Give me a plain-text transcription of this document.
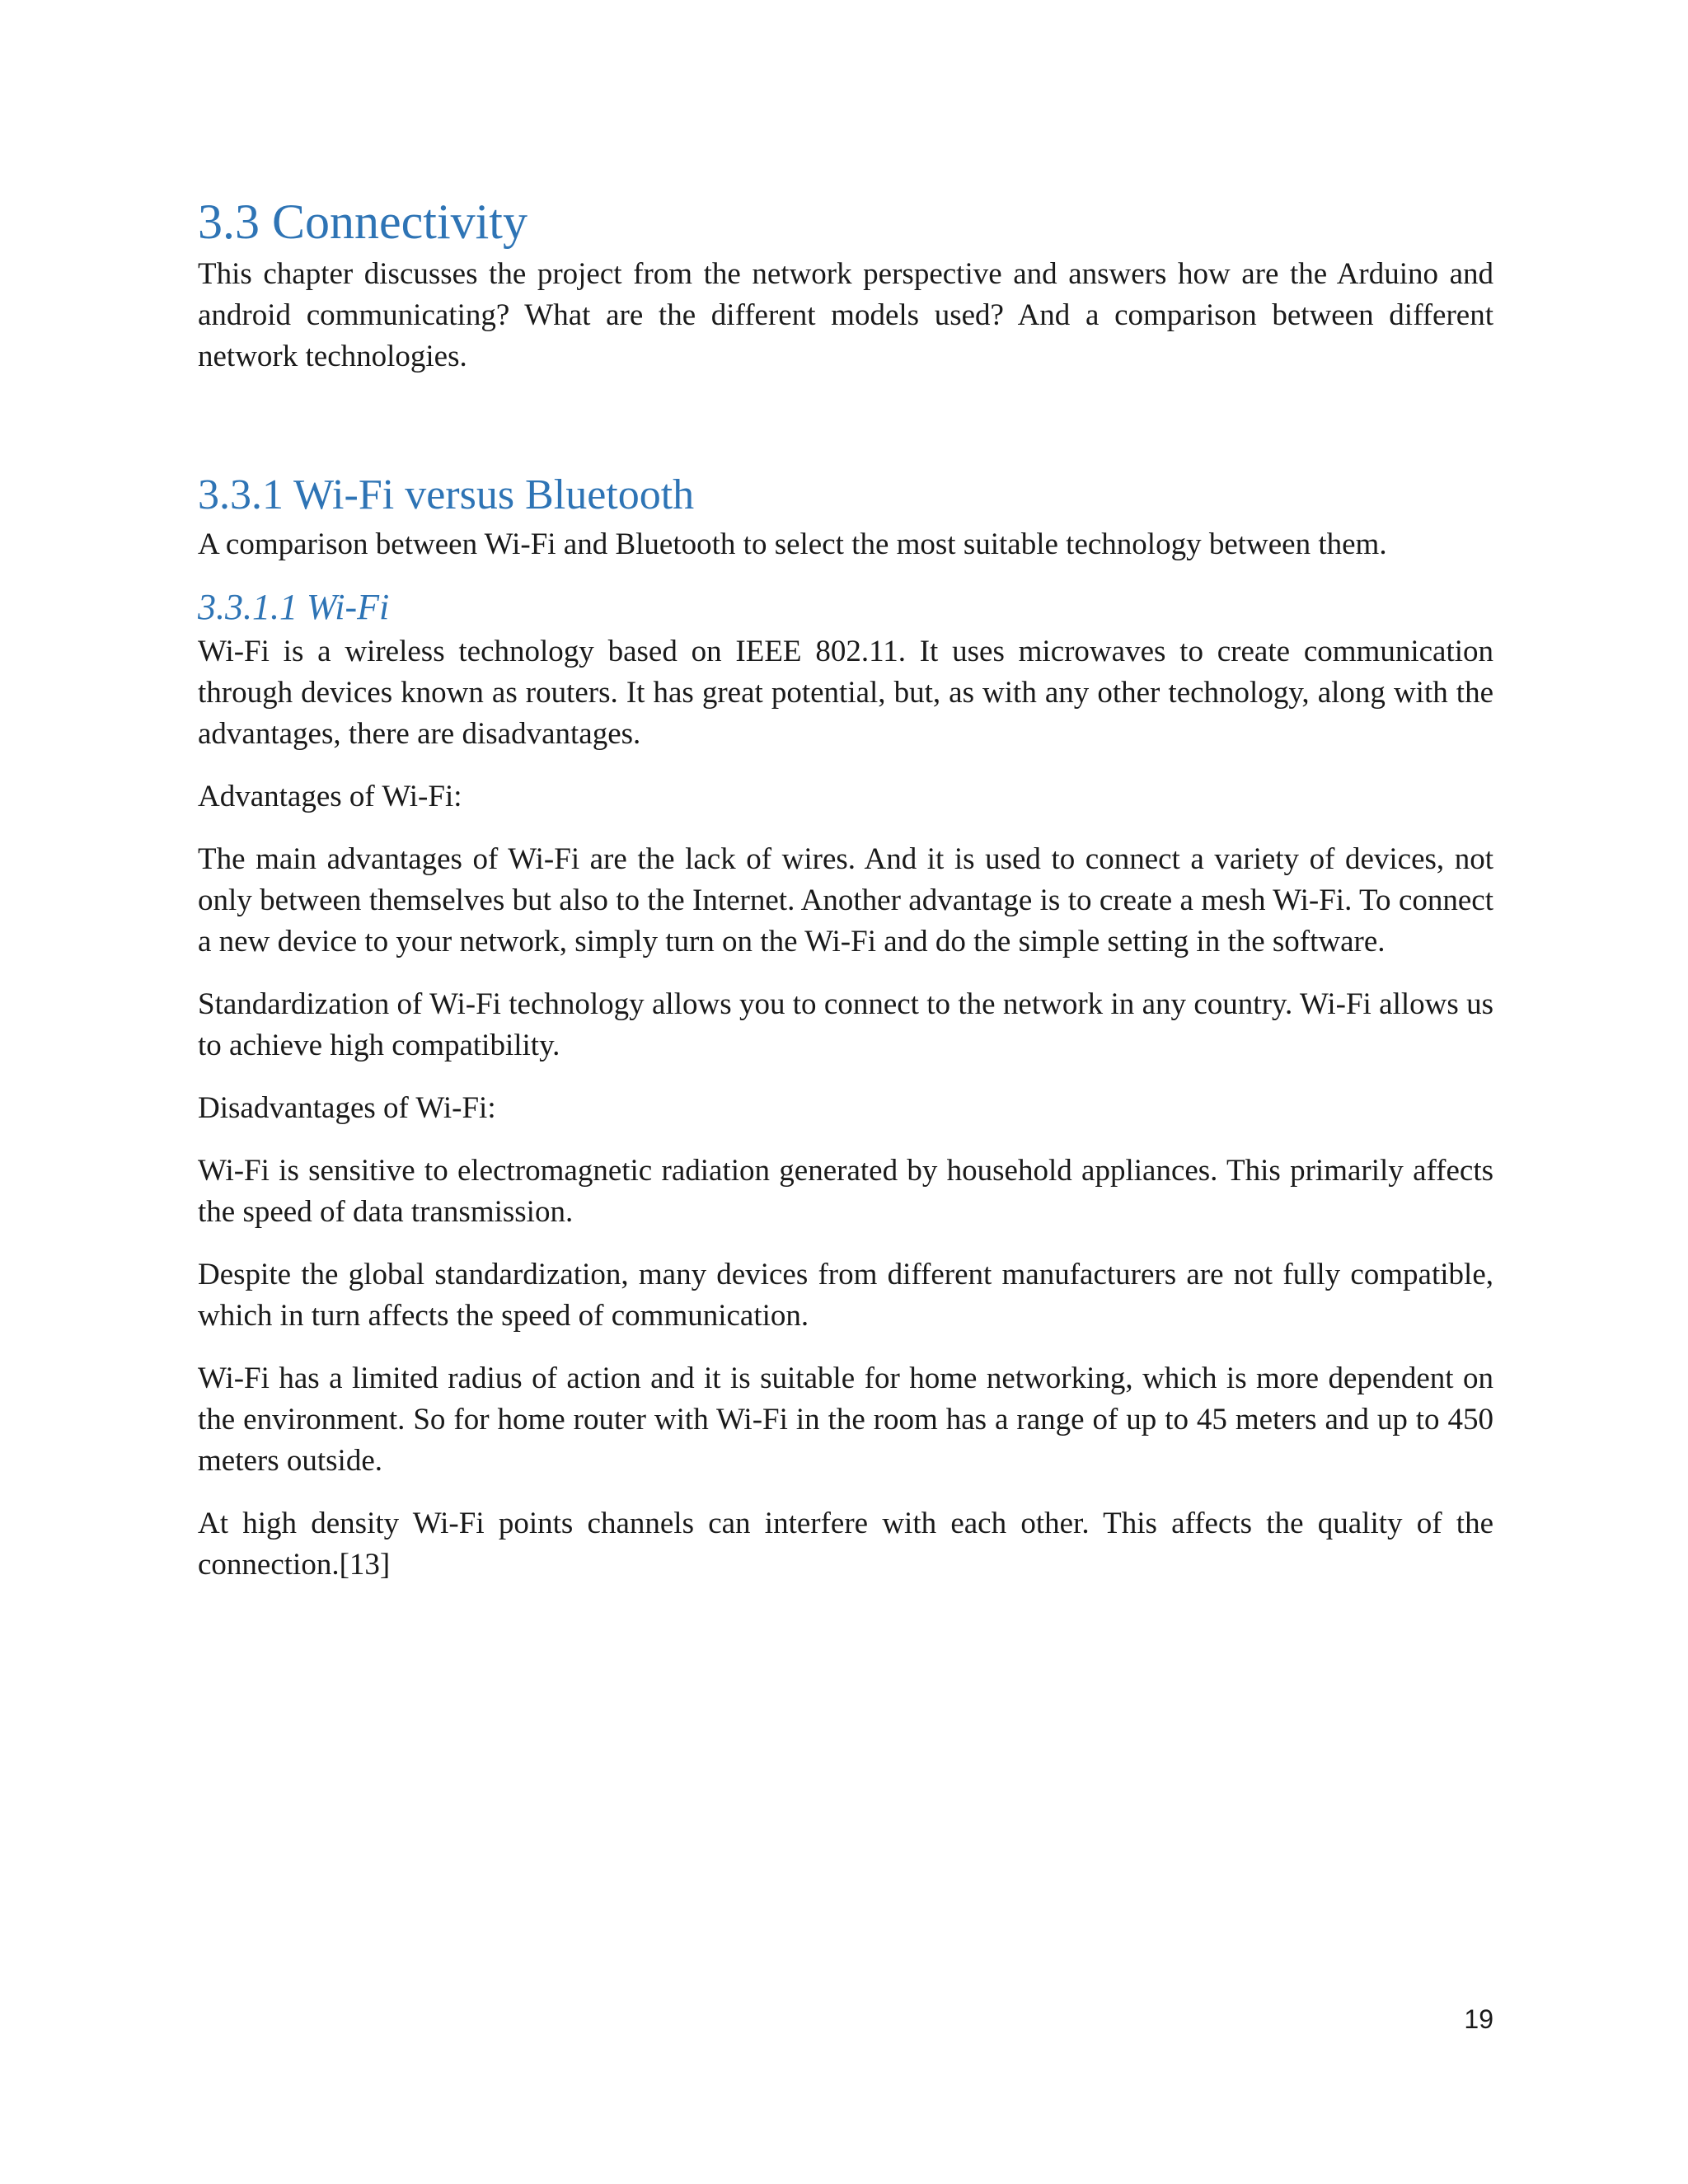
3.3 Connectivity

This chapter discusses the project from the network perspective and answers how are the Arduino and android communicating? What are the different models used? And a comparison between different network technologies.

3.3.1 Wi-Fi versus Bluetooth

A comparison between Wi-Fi and Bluetooth to select the most suitable technology between them.

3.3.1.1 Wi-Fi

Wi-Fi is a wireless technology based on IEEE 802.11. It uses microwaves to create communication through devices known as routers. It has great potential, but, as with any other technology, along with the advantages, there are disadvantages.

Advantages of Wi-Fi:

The main advantages of Wi-Fi are the lack of wires. And it is used to connect a variety of devices, not only between themselves but also to the Internet. Another advantage is to create a mesh Wi-Fi. To connect a new device to your network, simply turn on the Wi-Fi and do the simple setting in the software.

Standardization of Wi-Fi technology allows you to connect to the network in any country. Wi-Fi allows us to achieve high compatibility.

Disadvantages of Wi-Fi:

Wi-Fi is sensitive to electromagnetic radiation generated by household appliances. This primarily affects the speed of data transmission.

Despite the global standardization, many devices from different manufacturers are not fully compatible, which in turn affects the speed of communication.

Wi-Fi has a limited radius of action and it is suitable for home networking, which is more dependent on the environment. So for home router with Wi-Fi in the room has a range of up to 45 meters and up to 450 meters outside.

At high density Wi-Fi points channels can interfere with each other. This affects the quality of the connection.[13]

19
